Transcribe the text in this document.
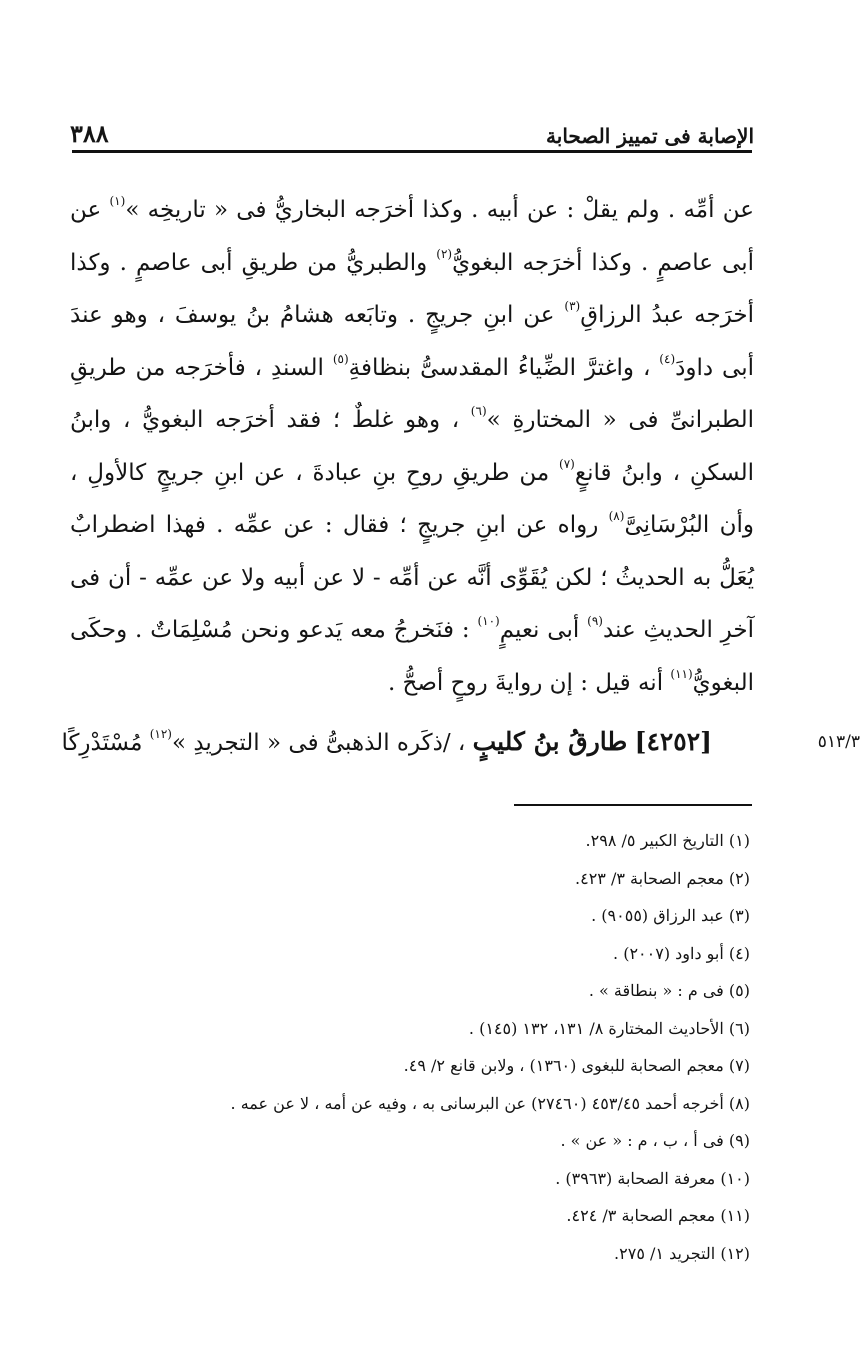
الإصابة فى تمييز الصحابة
٣٨٨

عن أمِّه . ولم يقلْ : عن أبيه . وكذا أخرَجه البخاريُّ فى « تاريخِه »$^{(١)}$ عن أبى عاصمٍ . وكذا أخرَجه البغويُّ$^{(٢)}$ والطبريُّ من طريقِ أبى عاصمٍ . وكذا أخرَجه عبدُ الرزاقِ$^{(٣)}$ عن ابنِ جريجٍ . وتابَعه هشامُ بنُ يوسفَ ، وهو عندَ أبى داودَ$^{(٤)}$ ، واغترَّ الضِّياءُ المقدسىُّ بنظافةِ$^{(٥)}$ السندِ ، فأخرَجه من طريقِ الطبرانىِّ فى « المختارةِ »$^{(٦)}$ ، وهو غلطٌ ؛ فقد أخرَجه البغويُّ ، وابنُ السكنِ ، وابنُ قانعٍ$^{(٧)}$ من طريقِ روحِ بنِ عبادةَ ، عن ابنِ جريجٍ كالأولِ ، وأن البُرْسَانِىَّ$^{(٨)}$ رواه عن ابنِ جريجٍ ؛ فقال : عن عمِّه . فهذا اضطرابٌ يُعَلُّ به الحديثُ ؛ لكن يُقَوِّى أنَّه عن أمِّه - لا عن أبيه ولا عن عمِّه - أن فى آخرِ الحديثِ عند$^{(٩)}$ أبى نعيمٍ$^{(١٠)}$ : فنَخرجُ معه يَدعو ونحن مُسْلِمَاتٌ . وحكَى البغويُّ$^{(١١)}$ أنه قيل : إن روايةَ روحٍ أصحُّ .

[٤٢٥٢] طارقُ بنُ كليبٍ ، /ذكَره الذهبىُّ فى « التجريدِ »$^{(١٢)}$ مُسْتَدْرِكًا	٥١٣/٣
(١) التاريخ الكبير ٥/ ٢٩٨.
(٢) معجم الصحابة ٣/ ٤٢٣.
(٣) عبد الرزاق (٩٠٥٥) .
(٤) أبو داود (٢٠٠٧) .
(٥) فى م : « بنطاقة » .
(٦) الأحاديث المختارة ٨/ ١٣١، ١٣٢ (١٤٥) .
(٧) معجم الصحابة للبغوى (١٣٦٠) ، ولابن قانع ٢/ ٤٩.
(٨) أخرجه أحمد ٤٥٣/٤٥ (٢٧٤٦٠) عن البرسانى به ، وفيه عن أمه ، لا عن عمه .
(٩) فى أ ، ب ، م : « عن » .
(١٠) معرفة الصحابة (٣٩٦٣) .
(١١) معجم الصحابة ٣/ ٤٢٤.
(١٢) التجريد ١/ ٢٧٥.
